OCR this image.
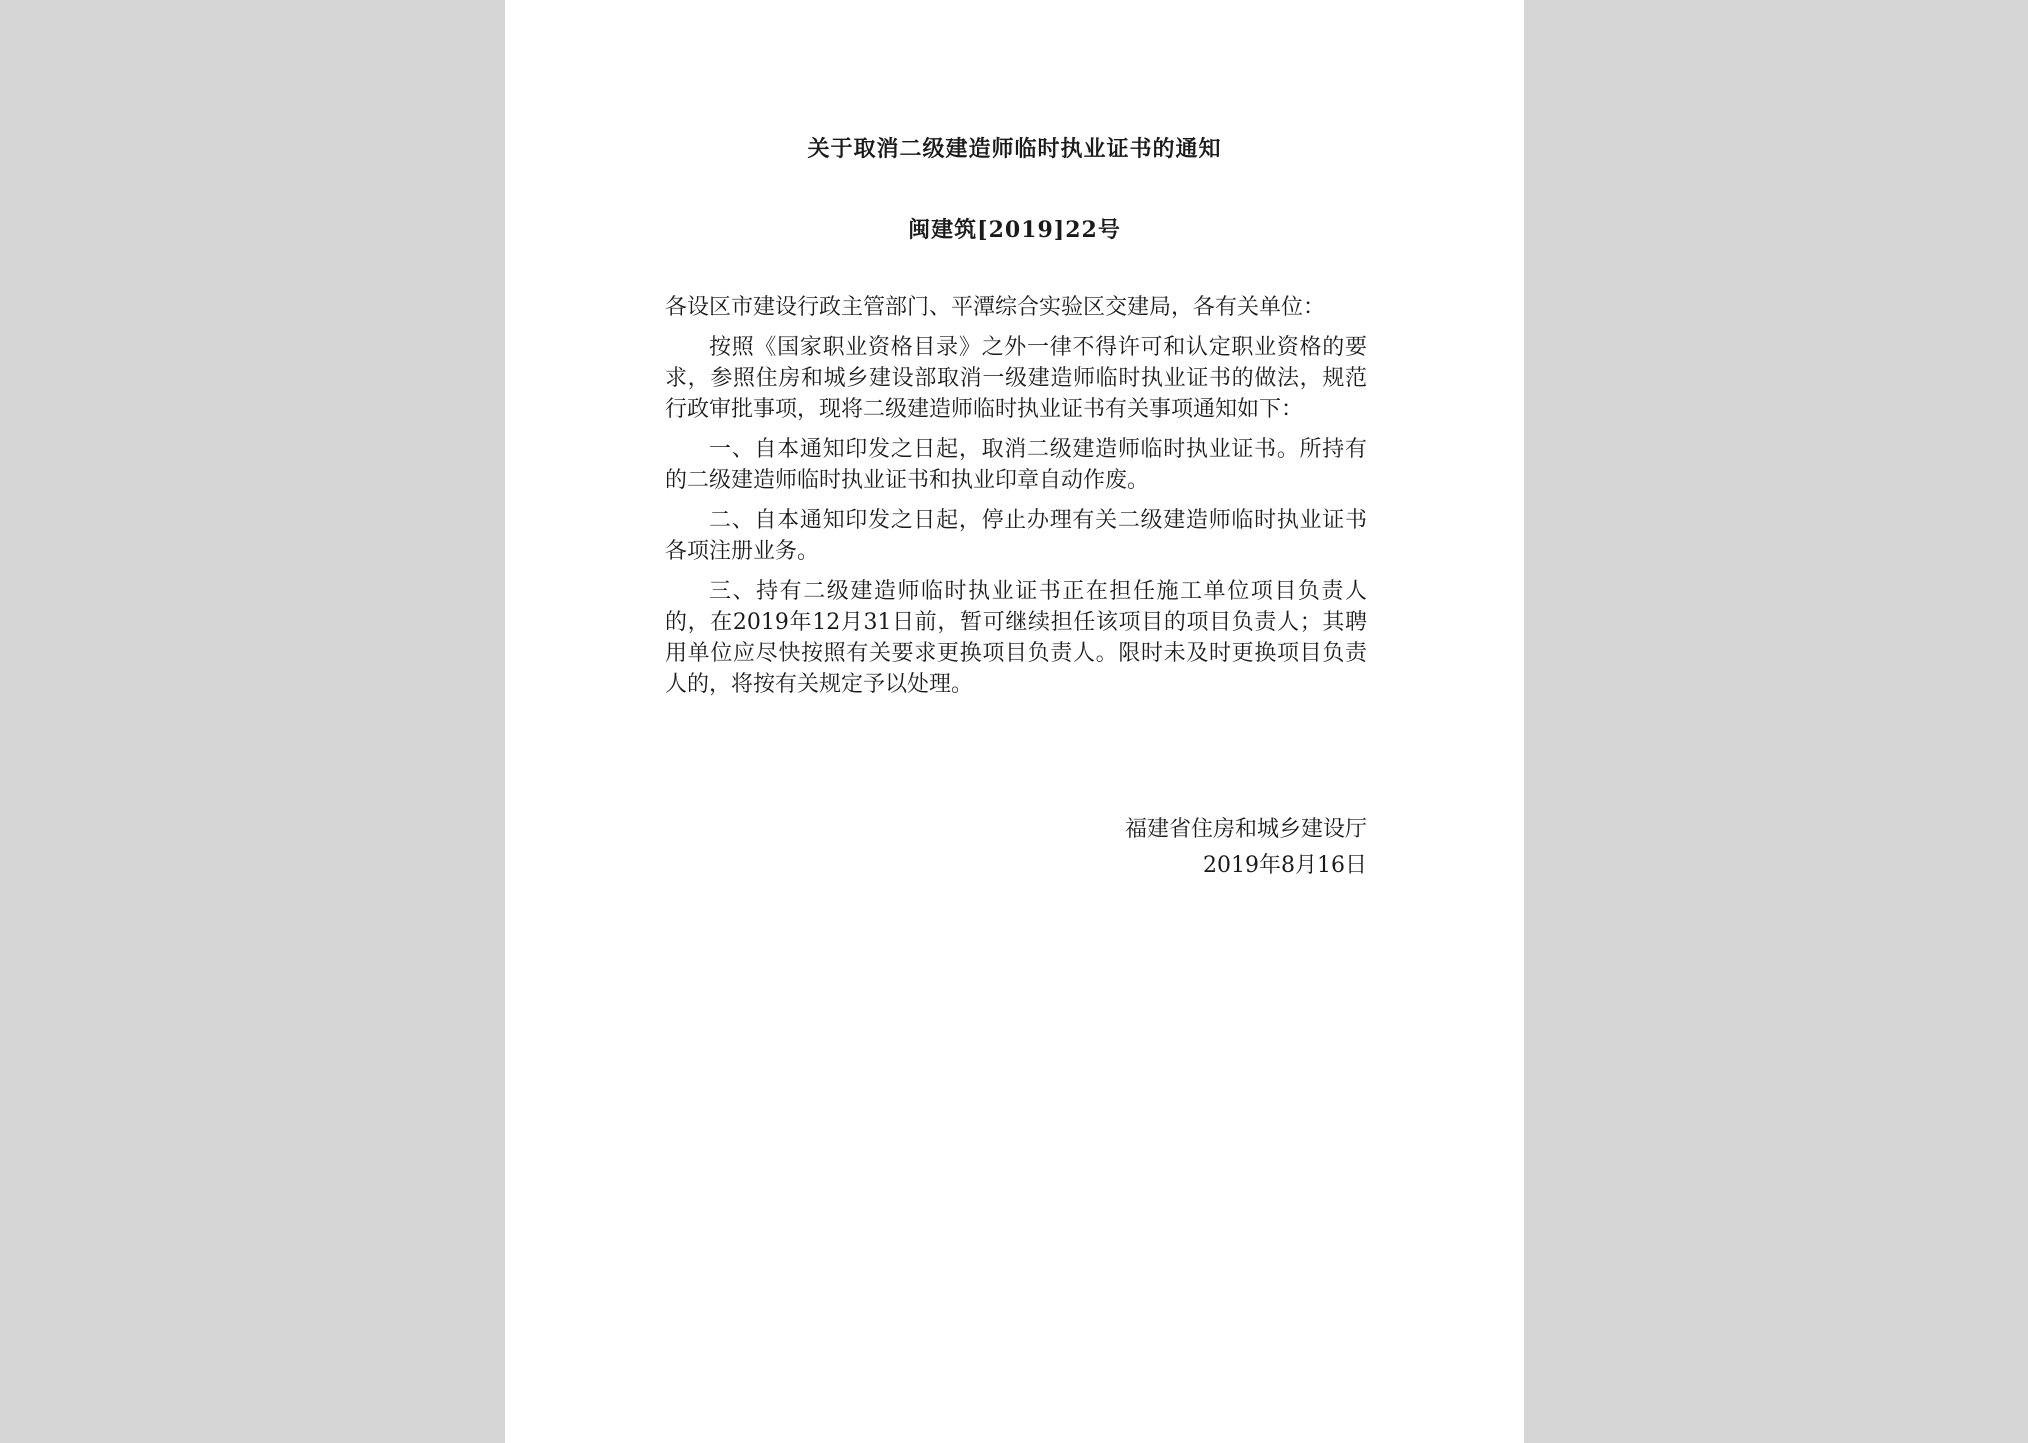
关于取消二级建造师临时执业证书的通知
闽建筑[2019]22号

各设区市建设行政主管部门、平潭综合实验区交建局，各有关单位：

按照《国家职业资格目录》之外一律不得许可和认定职业资格的要求，参照住房和城乡建设部取消一级建造师临时执业证书的做法，规范行政审批事项，现将二级建造师临时执业证书有关事项通知如下：

一、自本通知印发之日起，取消二级建造师临时执业证书。所持有的二级建造师临时执业证书和执业印章自动作废。

二、自本通知印发之日起，停止办理有关二级建造师临时执业证书各项注册业务。

三、持有二级建造师临时执业证书正在担任施工单位项目负责人的，在2019年12月31日前，暂可继续担任该项目的项目负责人；其聘用单位应尽快按照有关要求更换项目负责人。限时未及时更换项目负责人的，将按有关规定予以处理。

福建省住房和城乡建设厅
2019年8月16日
